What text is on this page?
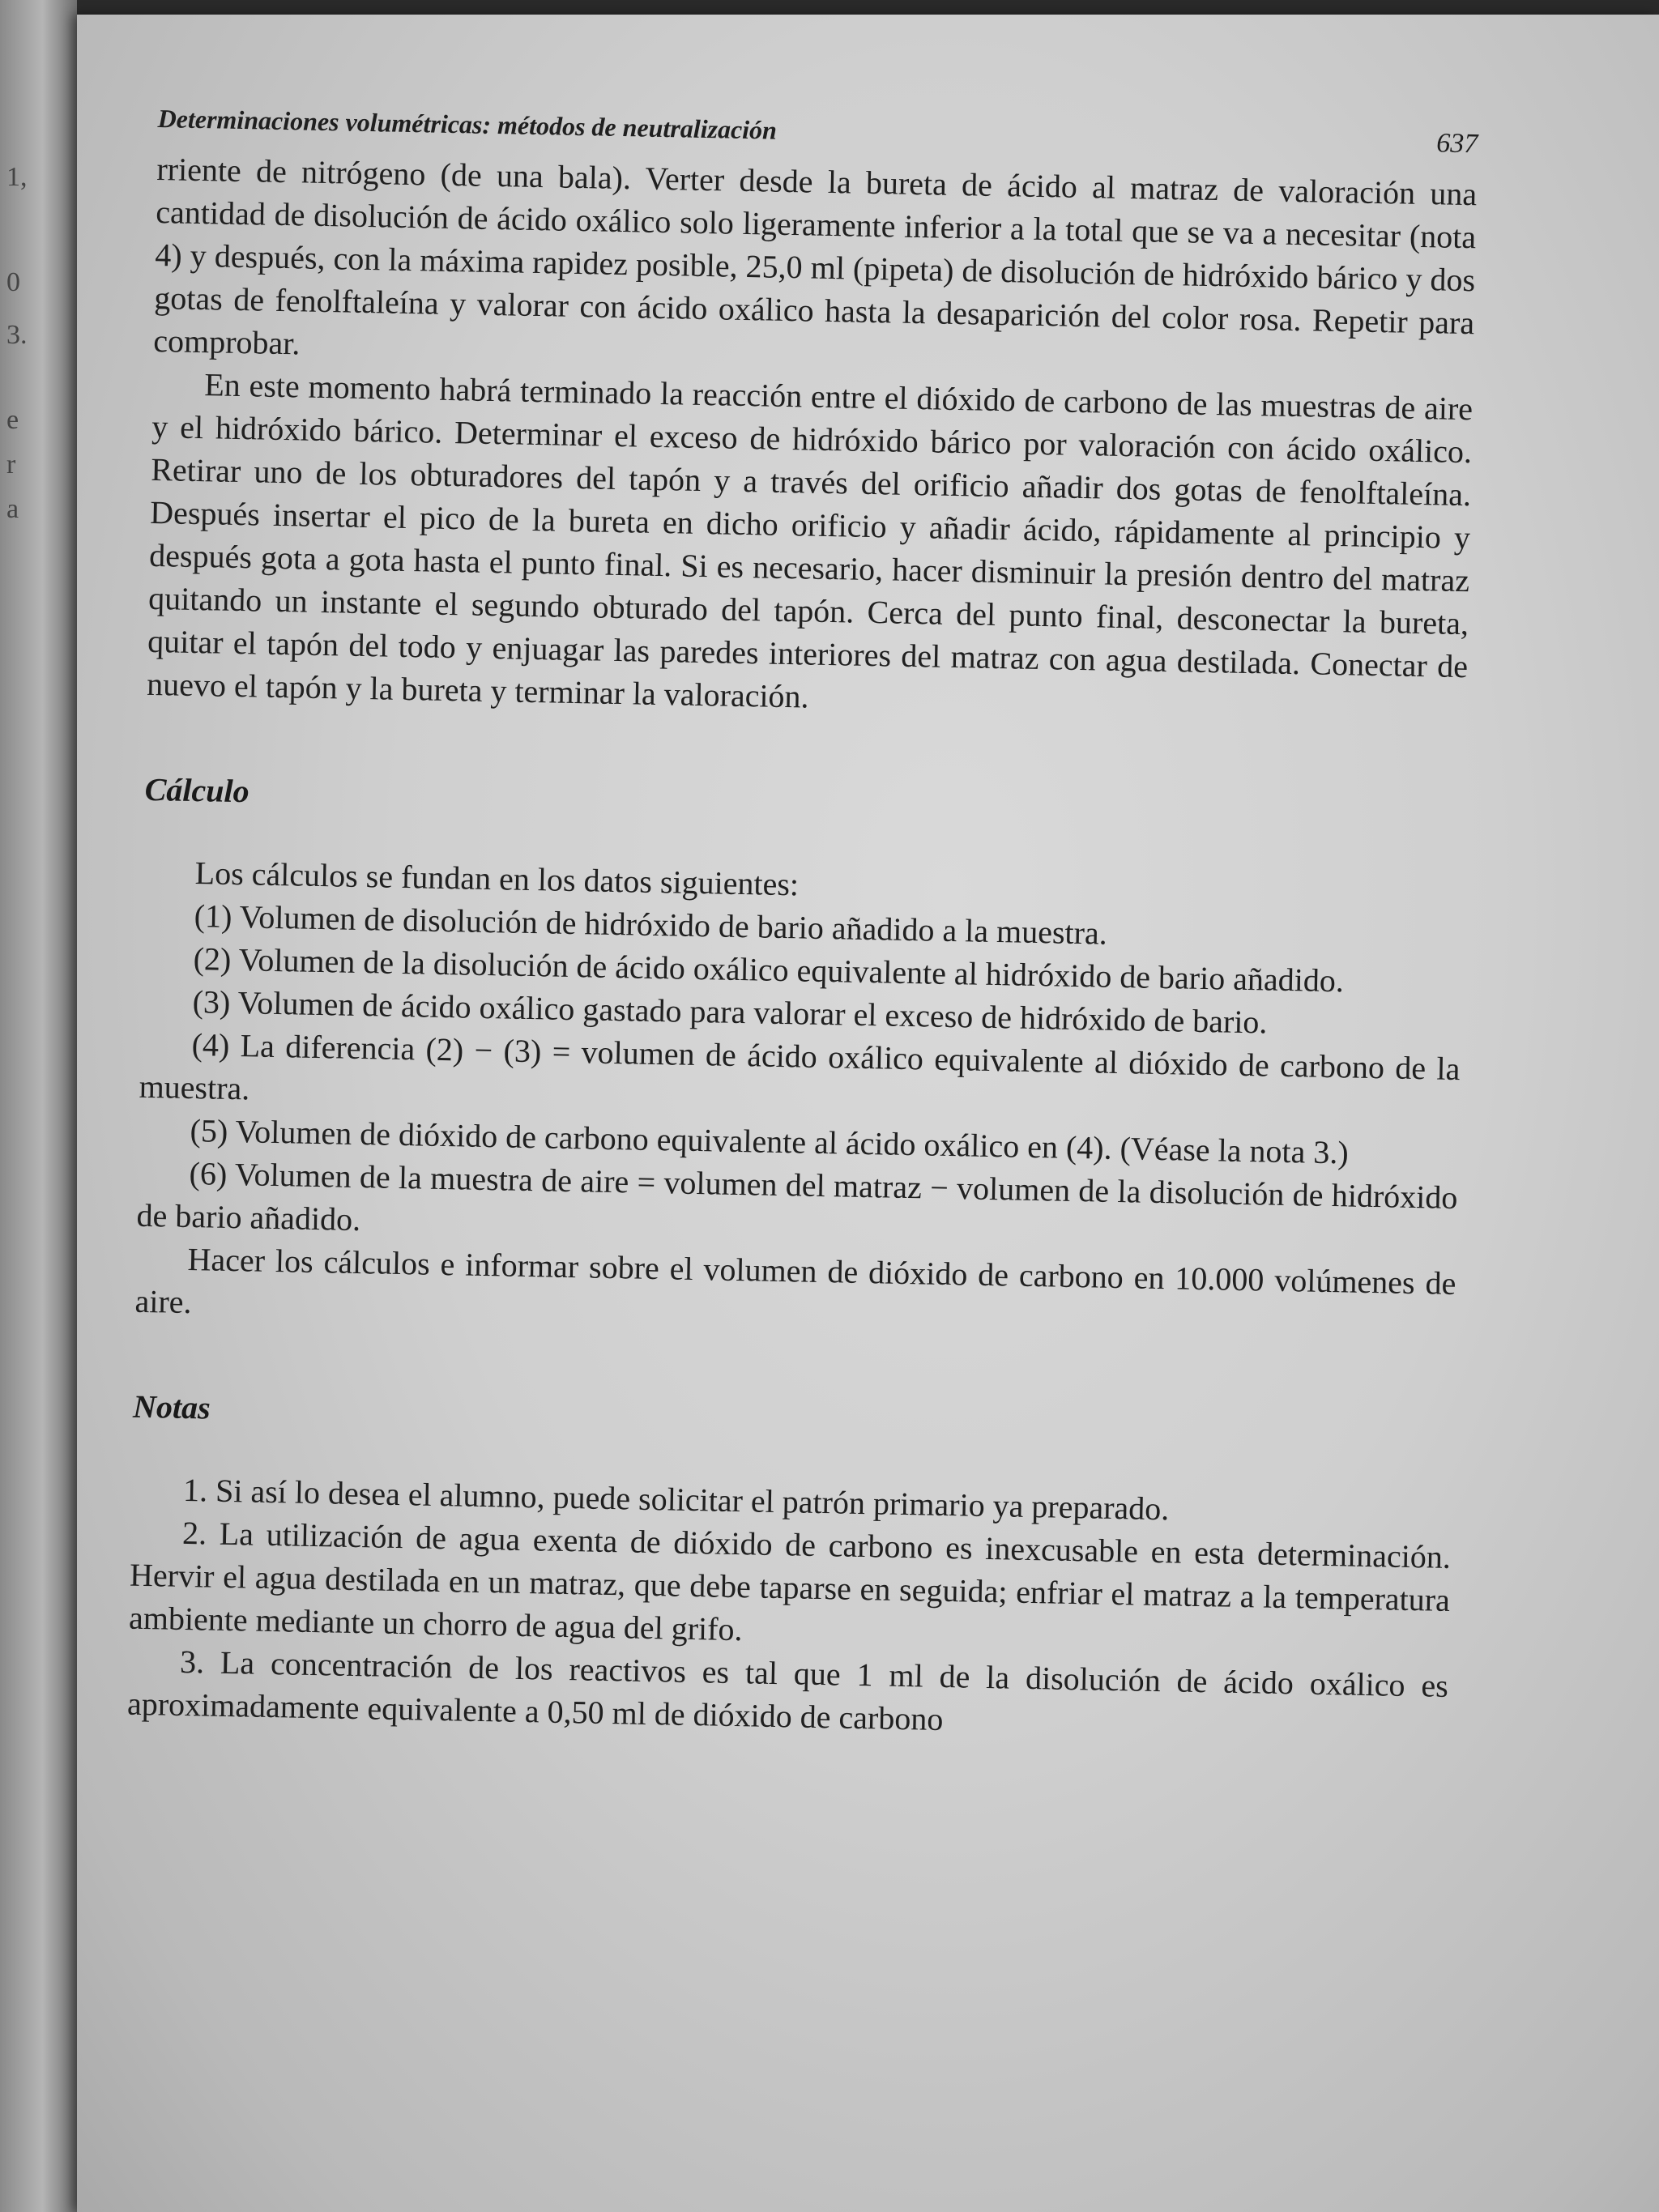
1,
0
3.
e
r
a
Determinaciones volumétricas: métodos de neutralización	637

rriente de nitrógeno (de una bala). Verter desde la bureta de ácido al matraz de valoración una cantidad de disolución de ácido oxálico solo ligeramente inferior a la total que se va a necesitar (nota 4) y después, con la máxima rapidez posible, 25,0 ml (pipeta) de disolución de hidróxido bárico y dos gotas de fenolftaleína y valorar con ácido oxálico hasta la desaparición del color rosa. Repetir para comprobar.

En este momento habrá terminado la reacción entre el dióxido de carbono de las muestras de aire y el hidróxido bárico. Determinar el exceso de hidróxido bárico por valoración con ácido oxálico. Retirar uno de los obturadores del tapón y a través del orificio añadir dos gotas de fenolftaleína. Después insertar el pico de la bureta en dicho orificio y añadir ácido, rápidamente al principio y después gota a gota hasta el punto final. Si es necesario, hacer disminuir la presión dentro del matraz quitando un instante el segundo obturado del tapón. Cerca del punto final, desconectar la bureta, quitar el tapón del todo y enjuagar las paredes interiores del matraz con agua destilada. Conectar de nuevo el tapón y la bureta y terminar la valoración.

Cálculo

Los cálculos se fundan en los datos siguientes:

(1) Volumen de disolución de hidróxido de bario añadido a la muestra.

(2) Volumen de la disolución de ácido oxálico equivalente al hidróxido de bario añadido.

(3) Volumen de ácido oxálico gastado para valorar el exceso de hidróxido de bario.

(4) La diferencia (2) − (3) = volumen de ácido oxálico equivalente al dióxido de carbono de la muestra.

(5) Volumen de dióxido de carbono equivalente al ácido oxálico en (4). (Véase la nota 3.)

(6) Volumen de la muestra de aire = volumen del matraz − volumen de la disolución de hidróxido de bario añadido.

Hacer los cálculos e informar sobre el volumen de dióxido de carbono en 10.000 volúmenes de aire.

Notas

1. Si así lo desea el alumno, puede solicitar el patrón primario ya preparado.

2. La utilización de agua exenta de dióxido de carbono es inexcusable en esta determinación. Hervir el agua destilada en un matraz, que debe taparse en seguida; enfriar el matraz a la temperatura ambiente mediante un chorro de agua del grifo.

3. La concentración de los reactivos es tal que 1 ml de la disolución de ácido oxálico es aproximadamente equivalente a 0,50 ml de dióxido de carbono
